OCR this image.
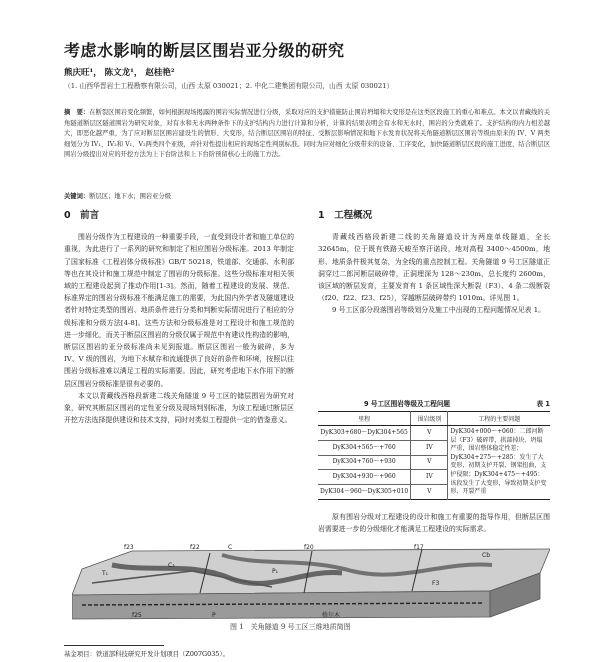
考虑水影响的断层区围岩亚分级的研究
熊庆旺¹， 陈文龙¹， 赵桂艳²
（1. 山西华晋岩土工程勘察有限公司，山西 太原 030021；2. 中化二建集团有限公司，山西 太原 030021）
摘　要：在断裂区围岩变化频繁，如何根据现场揭露的围岩实际情况进行分级，采取对应的支护措施防止围岩坍塌和大变形是在这类区段施工的重心和难点。本文以青藏线的关角隧道断层区隧道围岩为研究对象，对有水和无水两种条件下的支护结构内力进行计算和分析，计算的结果表明会有水和无水时，围岩的分类就难了。支护结构的内力相差越大，即恶化越严重，为了应对断层区围岩建设生的情形、大变形，结合断层区围岩的特征、受断层影响情况和地下水发育状况将关角隧道断层区围岩等级由原来的 IV、V 两类细划分为 IV₁、IV₂和 V₁、V₂两类四个亚级，并针对性提出相应的现场定性判别标准。同时为应对细化分级带来的设备、工序变化，加快隧道断层区段的施工进度，结合断层区围岩分级提出对应的开挖方法为上下台阶法和上下台阶预留核心土的施工方法。
关键词：断层区；地下水；围岩亚分级
0　前言

围岩分级作为工程建设的一种重要手段，一直受到设计者和施工单位的重视，为此进行了一系列的研究和制定了相应围岩分级标准。2013 年制定了国家标准《工程岩体分级标准》GB/T 50218，铁道部、交通部、水利部等也在其设计和施工规范中制定了围岩的分级标准。这些分级标准对相关领域的工程建设起到了推动作用[1-3]。然而，随着工程建设的发展、规范、标准界定的围岩分级标准不能满足施工的需要，为此国内外学者及隧道建设者针对特定类型的围岩、地质条件进行分类和判断实际情况进行了相应的分级标准和分级方法[4-8]。这些方法和分级标准是对工程设计和施工规范的进一步细化，而关于断层区围岩的分级仅属于规范中有建议性构造的影响，断层区围岩的亚分级标准尚未见到报道。断层区围岩一般为破碎，多为 IV、V 级的围岩，为地下水赋存和流通提供了良好的条件和环境，按照以往围岩分级标准难以满足工程的实际需要。因此，研究考虑地下水作用下的断层区围岩分级标准是很有必要的。

本文以青藏线西格段新建二线关角隧道 9 号工区的储层围岩为研究对象，研究其断层区围岩的定性亚分级及现场判别标准，为该工程通过断层区开挖方法选择提供建设和技术支持，同时对类似工程提供一定的借鉴意义。

1　工程概况

青藏线西格段新建二线的关角隧道设计为两座单线隧道，全长 32645m，位于既有铁路天峻至察汗诺段，地对高程 3400～4500m，地形、地质条件极其复杂，为全线的重点控制工程。关角隧道 9 号工区隧道正洞穿过二郎河断层破碎带，正洞埋深为 128～230m，总长度约 2600m，该区域的断层发育，主要发育有 1 条区域性深大断裂（F3）、4 条二级断裂（f20、f22、f23、f25），穿越断层破碎带约 1010m。详见图 1。

9 号工区部分段落围岩等级划分及施工中出现的工程问题情况见表 1。

9 号工区围岩等级及工程问题	表 1
里程	围岩级别	工程的主要问题
DyK303+680～DyK304+565	V	DyK304+000～+060：二郎河断层（F3）破碎带，拱部掉块、坍塌严重，围岩整体稳定性差；DyK304+275～+285：发生了大变形，初期支护开裂、钢架扭曲，支护侵限；DyK304+475～+495：该段发生了大变形，导致初期支护变形、开裂严重
DyK304+565～+760	IV	
DyK304+760～+930	V	
DyK304+930～+960	IV	
DyK304～960～DyK305+010	V	

原有围岩分级对工程建设的设计和施工有重要的指导作用，但断层区围岩需要进一步的分级细化才能满足工程建设的实际需求。

f23	f22	C	f20	f17
Cb
T₁
C₃
P₁
F3
f25	P	格尔木
图 1　关角隧道 9 号工区三维地质简图
基金项目：铁道部科技研究开发计划项目（Z007G035）。
